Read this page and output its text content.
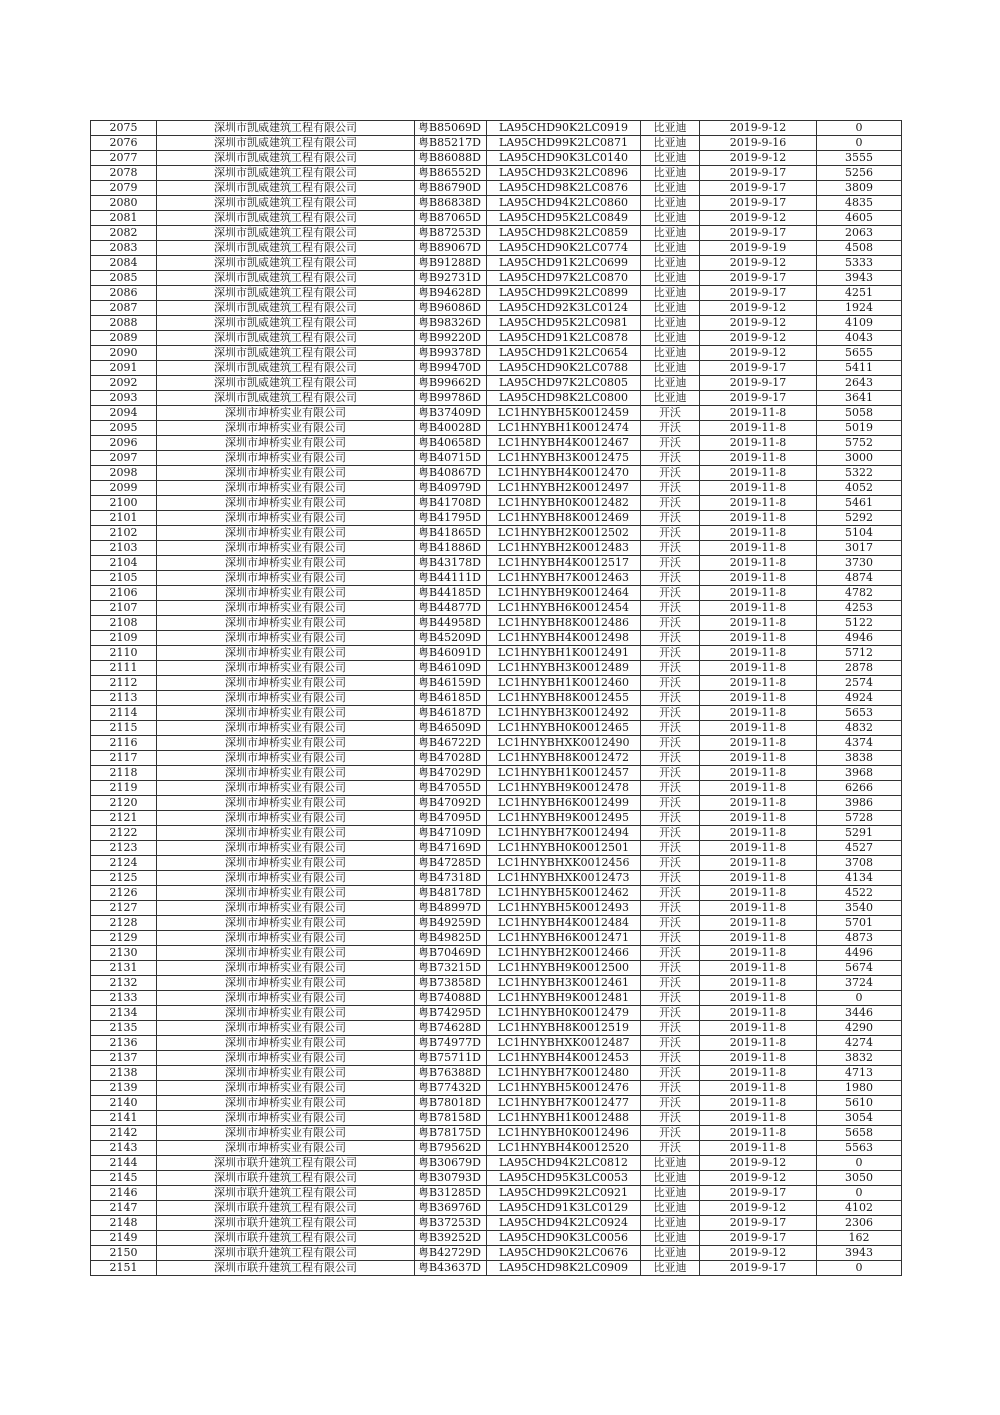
2075	深圳市凯威建筑工程有限公司	粤B85069D	LA95CHD90K2LC0919	比亚迪	2019-9-12	0
2076	深圳市凯威建筑工程有限公司	粤B85217D	LA95CHD99K2LC0871	比亚迪	2019-9-16	0
2077	深圳市凯威建筑工程有限公司	粤B86088D	LA95CHD90K3LC0140	比亚迪	2019-9-12	3555
2078	深圳市凯威建筑工程有限公司	粤B86552D	LA95CHD93K2LC0896	比亚迪	2019-9-17	5256
2079	深圳市凯威建筑工程有限公司	粤B86790D	LA95CHD98K2LC0876	比亚迪	2019-9-17	3809
2080	深圳市凯威建筑工程有限公司	粤B86838D	LA95CHD94K2LC0860	比亚迪	2019-9-17	4835
2081	深圳市凯威建筑工程有限公司	粤B87065D	LA95CHD95K2LC0849	比亚迪	2019-9-12	4605
2082	深圳市凯威建筑工程有限公司	粤B87253D	LA95CHD98K2LC0859	比亚迪	2019-9-17	2063
2083	深圳市凯威建筑工程有限公司	粤B89067D	LA95CHD90K2LC0774	比亚迪	2019-9-19	4508
2084	深圳市凯威建筑工程有限公司	粤B91288D	LA95CHD91K2LC0699	比亚迪	2019-9-12	5333
2085	深圳市凯威建筑工程有限公司	粤B92731D	LA95CHD97K2LC0870	比亚迪	2019-9-17	3943
2086	深圳市凯威建筑工程有限公司	粤B94628D	LA95CHD99K2LC0899	比亚迪	2019-9-17	4251
2087	深圳市凯威建筑工程有限公司	粤B96086D	LA95CHD92K3LC0124	比亚迪	2019-9-12	1924
2088	深圳市凯威建筑工程有限公司	粤B98326D	LA95CHD95K2LC0981	比亚迪	2019-9-12	4109
2089	深圳市凯威建筑工程有限公司	粤B99220D	LA95CHD91K2LC0878	比亚迪	2019-9-12	4043
2090	深圳市凯威建筑工程有限公司	粤B99378D	LA95CHD91K2LC0654	比亚迪	2019-9-12	5655
2091	深圳市凯威建筑工程有限公司	粤B99470D	LA95CHD90K2LC0788	比亚迪	2019-9-17	5411
2092	深圳市凯威建筑工程有限公司	粤B99662D	LA95CHD97K2LC0805	比亚迪	2019-9-17	2643
2093	深圳市凯威建筑工程有限公司	粤B99786D	LA95CHD98K2LC0800	比亚迪	2019-9-17	3641
2094	深圳市坤桥实业有限公司	粤B37409D	LC1HNYBH5K0012459	开沃	2019-11-8	5058
2095	深圳市坤桥实业有限公司	粤B40028D	LC1HNYBH1K0012474	开沃	2019-11-8	5019
2096	深圳市坤桥实业有限公司	粤B40658D	LC1HNYBH4K0012467	开沃	2019-11-8	5752
2097	深圳市坤桥实业有限公司	粤B40715D	LC1HNYBH3K0012475	开沃	2019-11-8	3000
2098	深圳市坤桥实业有限公司	粤B40867D	LC1HNYBH4K0012470	开沃	2019-11-8	5322
2099	深圳市坤桥实业有限公司	粤B40979D	LC1HNYBH2K0012497	开沃	2019-11-8	4052
2100	深圳市坤桥实业有限公司	粤B41708D	LC1HNYBH0K0012482	开沃	2019-11-8	5461
2101	深圳市坤桥实业有限公司	粤B41795D	LC1HNYBH8K0012469	开沃	2019-11-8	5292
2102	深圳市坤桥实业有限公司	粤B41865D	LC1HNYBH2K0012502	开沃	2019-11-8	5104
2103	深圳市坤桥实业有限公司	粤B41886D	LC1HNYBH2K0012483	开沃	2019-11-8	3017
2104	深圳市坤桥实业有限公司	粤B43178D	LC1HNYBH4K0012517	开沃	2019-11-8	3730
2105	深圳市坤桥实业有限公司	粤B44111D	LC1HNYBH7K0012463	开沃	2019-11-8	4874
2106	深圳市坤桥实业有限公司	粤B44185D	LC1HNYBH9K0012464	开沃	2019-11-8	4782
2107	深圳市坤桥实业有限公司	粤B44877D	LC1HNYBH6K0012454	开沃	2019-11-8	4253
2108	深圳市坤桥实业有限公司	粤B44958D	LC1HNYBH8K0012486	开沃	2019-11-8	5122
2109	深圳市坤桥实业有限公司	粤B45209D	LC1HNYBH4K0012498	开沃	2019-11-8	4946
2110	深圳市坤桥实业有限公司	粤B46091D	LC1HNYBH1K0012491	开沃	2019-11-8	5712
2111	深圳市坤桥实业有限公司	粤B46109D	LC1HNYBH3K0012489	开沃	2019-11-8	2878
2112	深圳市坤桥实业有限公司	粤B46159D	LC1HNYBH1K0012460	开沃	2019-11-8	2574
2113	深圳市坤桥实业有限公司	粤B46185D	LC1HNYBH8K0012455	开沃	2019-11-8	4924
2114	深圳市坤桥实业有限公司	粤B46187D	LC1HNYBH3K0012492	开沃	2019-11-8	5653
2115	深圳市坤桥实业有限公司	粤B46509D	LC1HNYBH0K0012465	开沃	2019-11-8	4832
2116	深圳市坤桥实业有限公司	粤B46722D	LC1HNYBHXK0012490	开沃	2019-11-8	4374
2117	深圳市坤桥实业有限公司	粤B47028D	LC1HNYBH8K0012472	开沃	2019-11-8	3838
2118	深圳市坤桥实业有限公司	粤B47029D	LC1HNYBH1K0012457	开沃	2019-11-8	3968
2119	深圳市坤桥实业有限公司	粤B47055D	LC1HNYBH9K0012478	开沃	2019-11-8	6266
2120	深圳市坤桥实业有限公司	粤B47092D	LC1HNYBH6K0012499	开沃	2019-11-8	3986
2121	深圳市坤桥实业有限公司	粤B47095D	LC1HNYBH9K0012495	开沃	2019-11-8	5728
2122	深圳市坤桥实业有限公司	粤B47109D	LC1HNYBH7K0012494	开沃	2019-11-8	5291
2123	深圳市坤桥实业有限公司	粤B47169D	LC1HNYBH0K0012501	开沃	2019-11-8	4527
2124	深圳市坤桥实业有限公司	粤B47285D	LC1HNYBHXK0012456	开沃	2019-11-8	3708
2125	深圳市坤桥实业有限公司	粤B47318D	LC1HNYBHXK0012473	开沃	2019-11-8	4134
2126	深圳市坤桥实业有限公司	粤B48178D	LC1HNYBH5K0012462	开沃	2019-11-8	4522
2127	深圳市坤桥实业有限公司	粤B48997D	LC1HNYBH5K0012493	开沃	2019-11-8	3540
2128	深圳市坤桥实业有限公司	粤B49259D	LC1HNYBH4K0012484	开沃	2019-11-8	5701
2129	深圳市坤桥实业有限公司	粤B49825D	LC1HNYBH6K0012471	开沃	2019-11-8	4873
2130	深圳市坤桥实业有限公司	粤B70469D	LC1HNYBH2K0012466	开沃	2019-11-8	4496
2131	深圳市坤桥实业有限公司	粤B73215D	LC1HNYBH9K0012500	开沃	2019-11-8	5674
2132	深圳市坤桥实业有限公司	粤B73858D	LC1HNYBH3K0012461	开沃	2019-11-8	3724
2133	深圳市坤桥实业有限公司	粤B74088D	LC1HNYBH9K0012481	开沃	2019-11-8	0
2134	深圳市坤桥实业有限公司	粤B74295D	LC1HNYBH0K0012479	开沃	2019-11-8	3446
2135	深圳市坤桥实业有限公司	粤B74628D	LC1HNYBH8K0012519	开沃	2019-11-8	4290
2136	深圳市坤桥实业有限公司	粤B74977D	LC1HNYBHXK0012487	开沃	2019-11-8	4274
2137	深圳市坤桥实业有限公司	粤B75711D	LC1HNYBH4K0012453	开沃	2019-11-8	3832
2138	深圳市坤桥实业有限公司	粤B76388D	LC1HNYBH7K0012480	开沃	2019-11-8	4713
2139	深圳市坤桥实业有限公司	粤B77432D	LC1HNYBH5K0012476	开沃	2019-11-8	1980
2140	深圳市坤桥实业有限公司	粤B78018D	LC1HNYBH7K0012477	开沃	2019-11-8	5610
2141	深圳市坤桥实业有限公司	粤B78158D	LC1HNYBH1K0012488	开沃	2019-11-8	3054
2142	深圳市坤桥实业有限公司	粤B78175D	LC1HNYBH0K0012496	开沃	2019-11-8	5658
2143	深圳市坤桥实业有限公司	粤B79562D	LC1HNYBH4K0012520	开沃	2019-11-8	5563
2144	深圳市联升建筑工程有限公司	粤B30679D	LA95CHD94K2LC0812	比亚迪	2019-9-12	0
2145	深圳市联升建筑工程有限公司	粤B30793D	LA95CHD95K3LC0053	比亚迪	2019-9-12	3050
2146	深圳市联升建筑工程有限公司	粤B31285D	LA95CHD99K2LC0921	比亚迪	2019-9-17	0
2147	深圳市联升建筑工程有限公司	粤B36976D	LA95CHD91K3LC0129	比亚迪	2019-9-12	4102
2148	深圳市联升建筑工程有限公司	粤B37253D	LA95CHD94K2LC0924	比亚迪	2019-9-17	2306
2149	深圳市联升建筑工程有限公司	粤B39252D	LA95CHD90K3LC0056	比亚迪	2019-9-17	162
2150	深圳市联升建筑工程有限公司	粤B42729D	LA95CHD90K2LC0676	比亚迪	2019-9-12	3943
2151	深圳市联升建筑工程有限公司	粤B43637D	LA95CHD98K2LC0909	比亚迪	2019-9-17	0
